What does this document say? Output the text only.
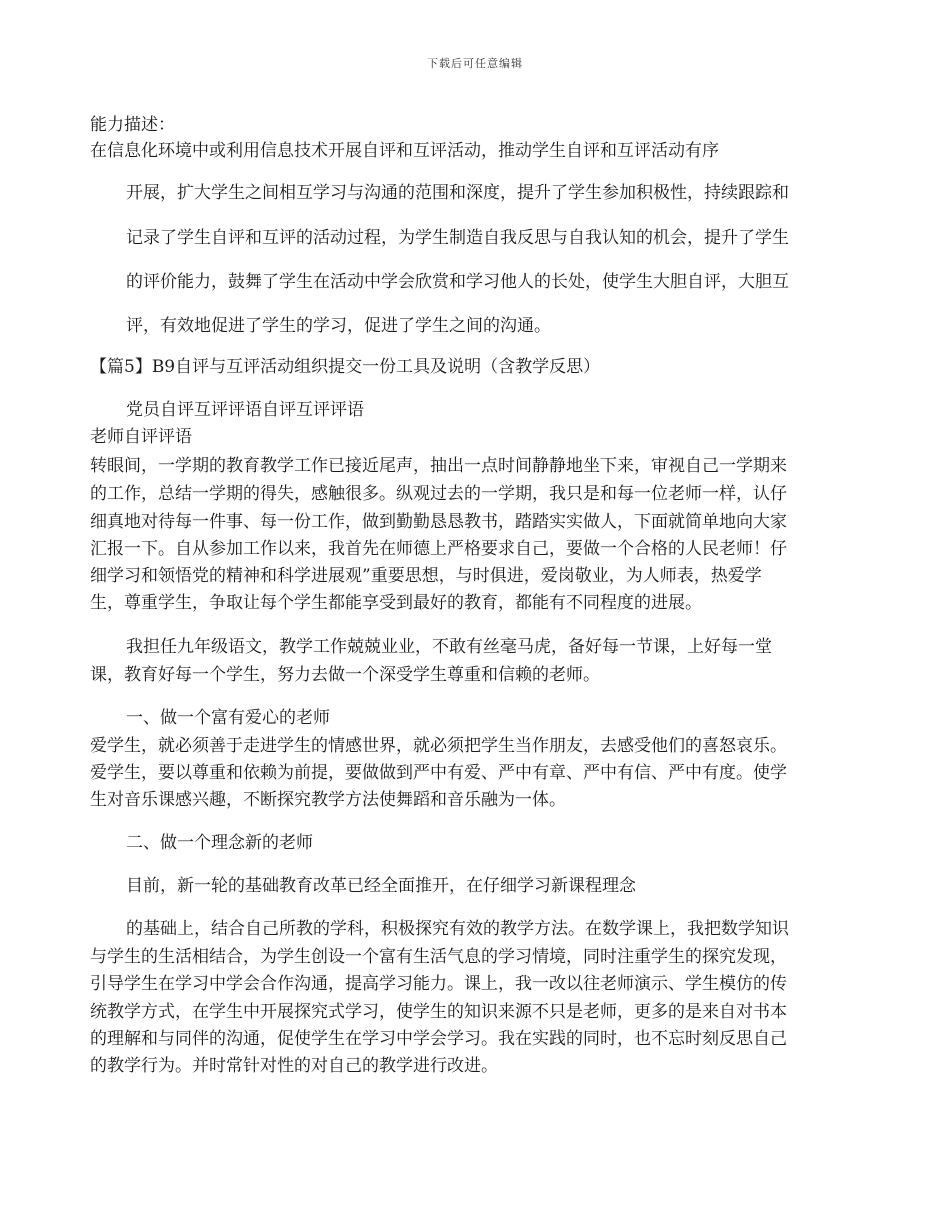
下载后可任意编辑
能力描述：
在信息化环境中或利用信息技术开展自评和互评活动，推动学生自评和互评活动有序
开展，扩大学生之间相互学习与沟通的范围和深度，提升了学生参加积极性，持续跟踪和
记录了学生自评和互评的活动过程，为学生制造自我反思与自我认知的机会，提升了学生
的评价能力，鼓舞了学生在活动中学会欣赏和学习他人的长处，使学生大胆自评，大胆互
评，有效地促进了学生的学习，促进了学生之间的沟通。
【篇5】B9自评与互评活动组织提交一份工具及说明（含教学反思）
党员自评互评评语自评互评评语
老师自评评语
转眼间，一学期的教育教学工作已接近尾声，抽出一点时间静静地坐下来，审视自己一学期来
的工作，总结一学期的得失，感触很多。纵观过去的一学期，我只是和每一位老师一样，认仔
细真地对待每一件事、每一份工作，做到勤勤恳恳教书，踏踏实实做人，下面就简单地向大家
汇报一下。自从参加工作以来，我首先在师德上严格要求自己，要做一个合格的人民老师！仔
细学习和领悟党的精神和科学进展观”重要思想，与时俱进，爱岗敬业，为人师表，热爱学
生，尊重学生，争取让每个学生都能享受到最好的教育，都能有不同程度的进展。
我担任九年级语文，教学工作兢兢业业，不敢有丝毫马虎，备好每一节课，上好每一堂
课，教育好每一个学生，努力去做一个深受学生尊重和信赖的老师。
一、做一个富有爱心的老师
爱学生，就必须善于走进学生的情感世界，就必须把学生当作朋友，去感受他们的喜怒哀乐。
爱学生，要以尊重和依赖为前提，要做做到严中有爱、严中有章、严中有信、严中有度。使学
生对音乐课感兴趣，不断探究教学方法使舞蹈和音乐融为一体。
二、做一个理念新的老师
目前，新一轮的基础教育改革已经全面推开，在仔细学习新课程理念
的基础上，结合自己所教的学科，积极探究有效的教学方法。在数学课上，我把数学知识
与学生的生活相结合，为学生创设一个富有生活气息的学习情境，同时注重学生的探究发现，
引导学生在学习中学会合作沟通，提高学习能力。课上，我一改以往老师演示、学生模仿的传
统教学方式，在学生中开展探究式学习，使学生的知识来源不只是老师，更多的是来自对书本
的理解和与同伴的沟通，促使学生在学习中学会学习。我在实践的同时，也不忘时刻反思自己
的教学行为。并时常针对性的对自己的教学进行改进。
